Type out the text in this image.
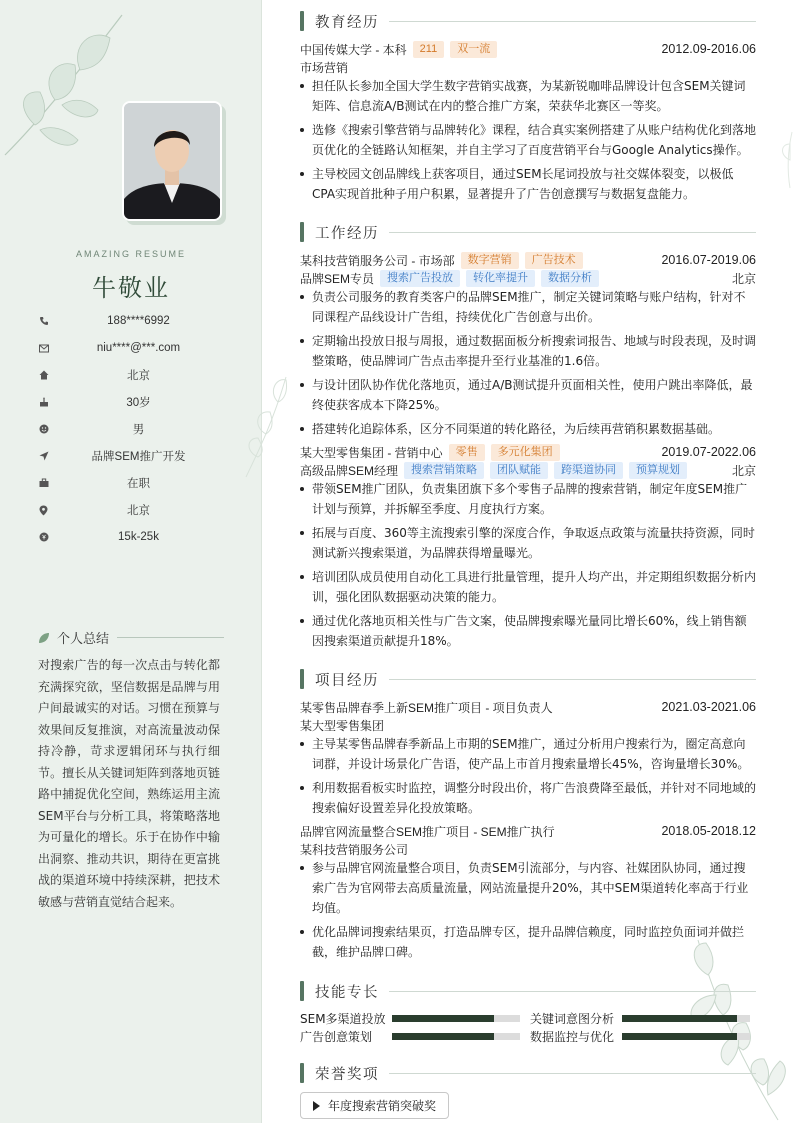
AMAZING RESUME
牛敬业
188****6992
niu****@***.com
北京
30岁
男
品牌SEM推广开发
在职
北京
15k-25k
个人总结
对搜索广告的每一次点击与转化都充满探究欲，坚信数据是品牌与用户间最诚实的对话。习惯在预算与效果间反复推演，对高流量波动保持冷静，苛求逻辑闭环与执行细节。擅长从关键词矩阵到落地页链路中捕捉优化空间，熟练运用主流SEM平台与分析工具，将策略落地为可量化的增长。乐于在协作中输出洞察、推动共识，期待在更富挑战的渠道环境中持续深耕，把技术敏感与营销直觉结合起来。
教育经历
中国传媒大学 - 本科	211	双一流	2012.09-2016.06
市场营销
担任队长参加全国大学生数字营销实战赛，为某新锐咖啡品牌设计包含SEM关键词矩阵、信息流A/B测试在内的整合推广方案，荣获华北赛区一等奖。
选修《搜索引擎营销与品牌转化》课程，结合真实案例搭建了从账户结构优化到落地页优化的全链路认知框架，并自主学习了百度营销平台与Google Analytics操作。
主导校园文创品牌线上获客项目，通过SEM长尾词投放与社交媒体裂变，以极低CPA实现首批种子用户积累，显著提升了广告创意撰写与数据复盘能力。
工作经历
某科技营销服务公司 - 市场部	数字营销	广告技术	2016.07-2019.06
品牌SEM专员	搜索广告投放	转化率提升	数据分析	北京
负责公司服务的教育类客户的品牌SEM推广，制定关键词策略与账户结构，针对不同课程产品线设计广告组，持续优化广告创意与出价。
定期输出投放日报与周报，通过数据面板分析搜索词报告、地域与时段表现，及时调整策略，使品牌词广告点击率提升至行业基准的1.6倍。
与设计团队协作优化落地页，通过A/B测试提升页面相关性，使用户跳出率降低，最终使获客成本下降25%。
搭建转化追踪体系，区分不同渠道的转化路径，为后续再营销积累数据基础。
某大型零售集团 - 营销中心	零售	多元化集团	2019.07-2022.06
高级品牌SEM经理	搜索营销策略	团队赋能	跨渠道协同	预算规划	北京
带领SEM推广团队，负责集团旗下多个零售子品牌的搜索营销，制定年度SEM推广计划与预算，并拆解至季度、月度执行方案。
拓展与百度、360等主流搜索引擎的深度合作，争取返点政策与流量扶持资源，同时测试新兴搜索渠道，为品牌获得增量曝光。
培训团队成员使用自动化工具进行批量管理，提升人均产出，并定期组织数据分析内训，强化团队数据驱动决策的能力。
通过优化落地页相关性与广告文案，使品牌搜索曝光量同比增长60%，线上销售额因搜索渠道贡献提升18%。
项目经历
某零售品牌春季上新SEM推广项目 - 项目负责人	2021.03-2021.06
某大型零售集团
主导某零售品牌春季新品上市期的SEM推广，通过分析用户搜索行为，圈定高意向词群，并设计场景化广告语，使产品上市首月搜索量增长45%，咨询量增长30%。
利用数据看板实时监控，调整分时段出价，将广告浪费降至最低，并针对不同地域的搜索偏好设置差异化投放策略。
品牌官网流量整合SEM推广项目 - SEM推广执行	2018.05-2018.12
某科技营销服务公司
参与品牌官网流量整合项目，负责SEM引流部分，与内容、社媒团队协同，通过搜索广告为官网带去高质量流量，网站流量提升20%，其中SEM渠道转化率高于行业均值。
优化品牌词搜索结果页，打造品牌专区，提升品牌信赖度，同时监控负面词并做拦截，维护品牌口碑。
技能专长
SEM多渠道投放	关键词意图分析
广告创意策划	数据监控与优化
荣誉奖项
年度搜索营销突破奖
